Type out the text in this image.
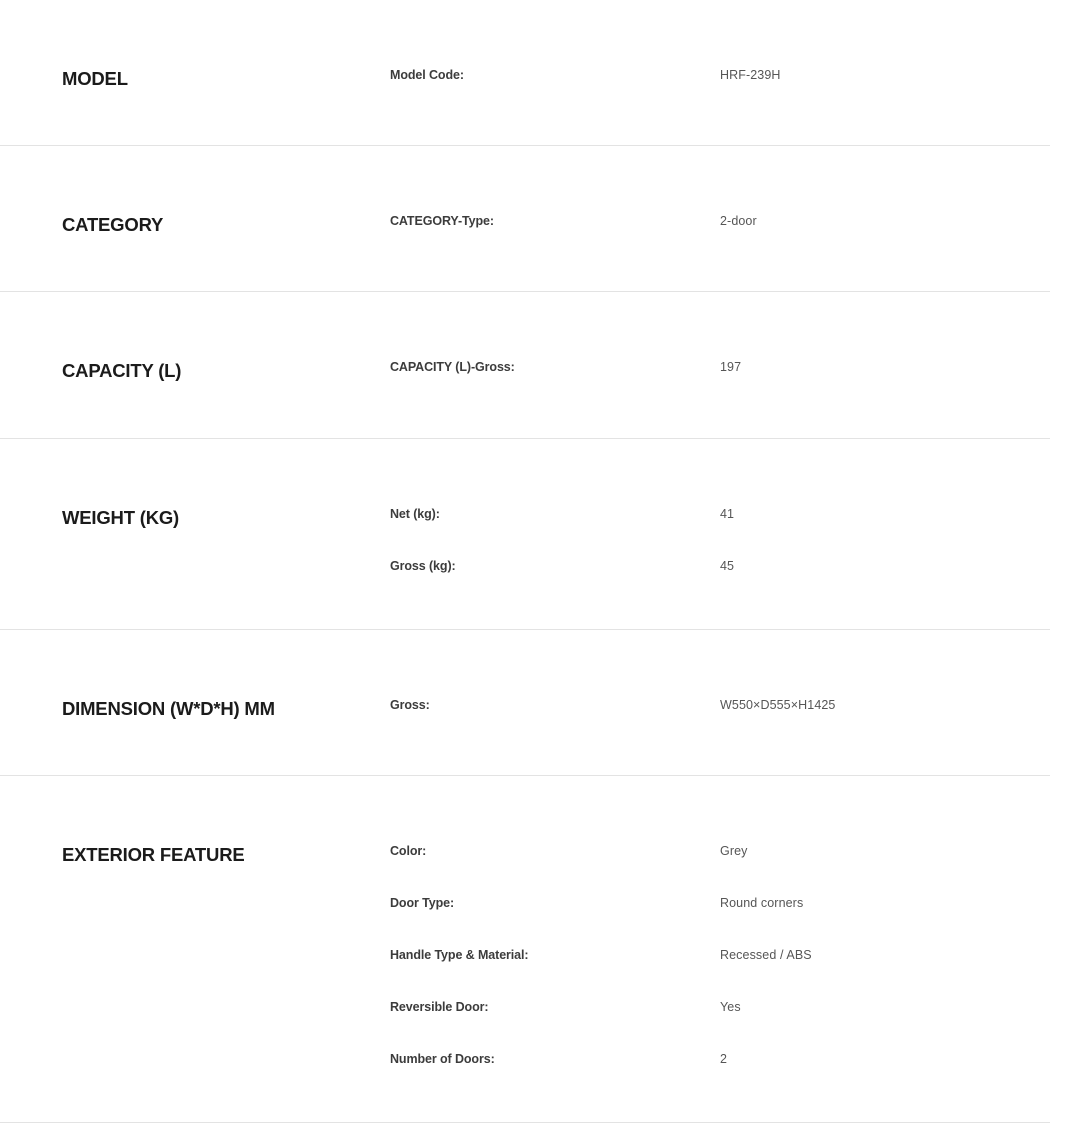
MODEL	Model Code:	HRF-239H
CATEGORY	CATEGORY-Type:	2-door
CAPACITY (L)	CAPACITY (L)-Gross:	197
WEIGHT (KG)	Net (kg):	41
Gross (kg):	45
DIMENSION (W*D*H) MM	Gross:	W550×D555×H1425
EXTERIOR FEATURE	Color:	Grey
Door Type:	Round corners
Handle Type & Material:	Recessed / ABS
Reversible Door:	Yes
Number of Doors:	2
